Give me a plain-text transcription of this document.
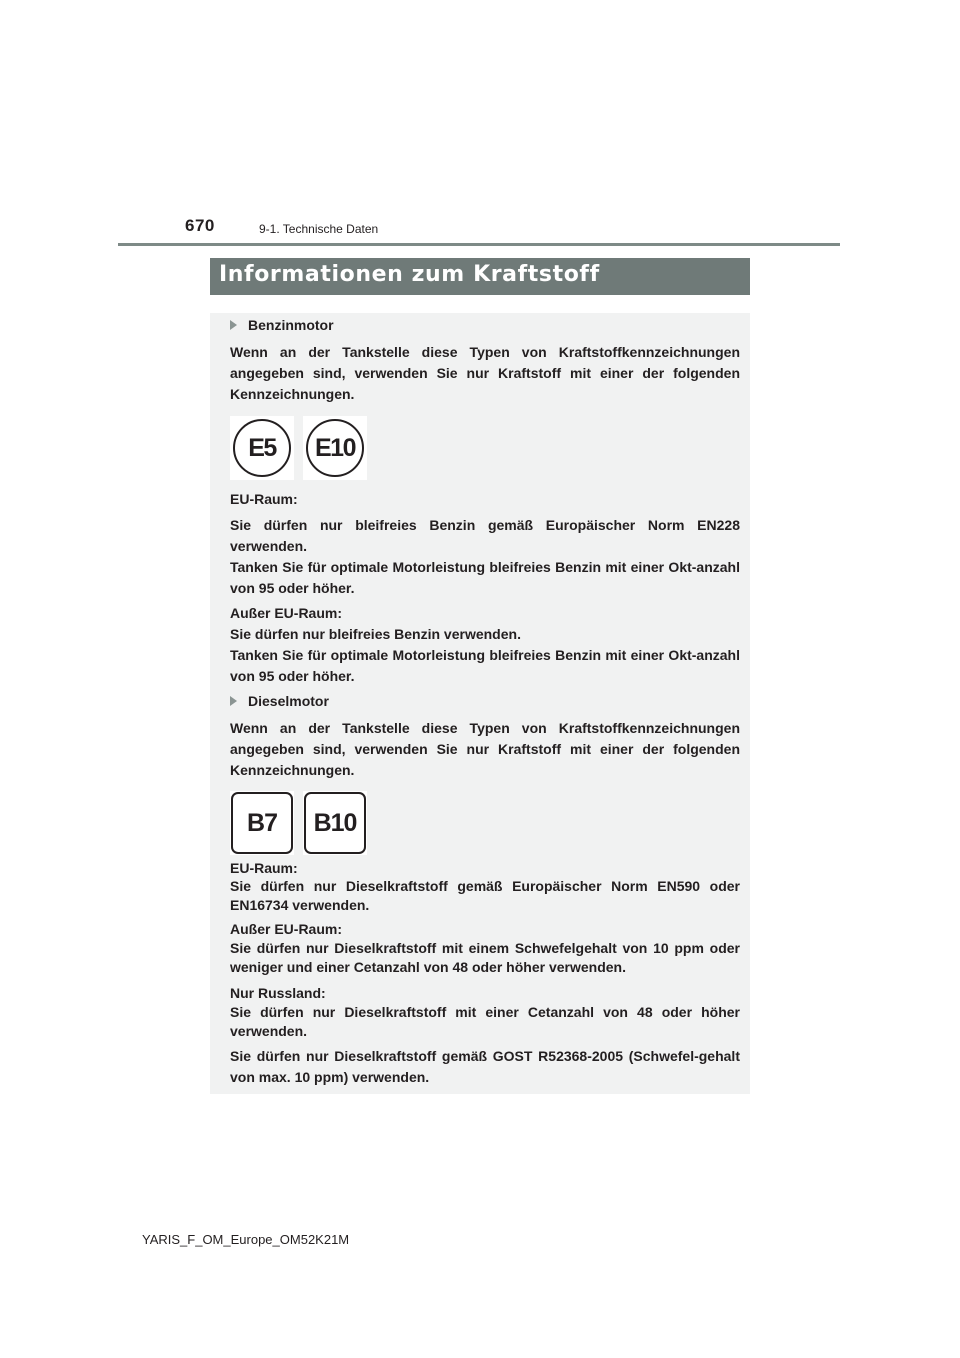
670	9-1. Technische Daten
Informationen zum Kraftstoff
Benzinmotor

Wenn an der Tankstelle diese Typen von Kraftstoffkennzeichnungen angegeben sind, verwenden Sie nur Kraftstoff mit einer der folgenden Kennzeichnungen.

E5	E10

EU-Raum:

Sie dürfen nur bleifreies Benzin gemäß Europäischer Norm EN228 verwenden.

Tanken Sie für optimale Motorleistung bleifreies Benzin mit einer Okt-anzahl von 95 oder höher.

Außer EU-Raum:

Sie dürfen nur bleifreies Benzin verwenden.

Tanken Sie für optimale Motorleistung bleifreies Benzin mit einer Okt-anzahl von 95 oder höher.

Dieselmotor

Wenn an der Tankstelle diese Typen von Kraftstoffkennzeichnungen angegeben sind, verwenden Sie nur Kraftstoff mit einer der folgenden Kennzeichnungen.

B7	B10

EU-Raum:

Sie dürfen nur Dieselkraftstoff gemäß Europäischer Norm EN590 oder EN16734 verwenden.

Außer EU-Raum:

Sie dürfen nur Dieselkraftstoff mit einem Schwefelgehalt von 10 ppm oder weniger und einer Cetanzahl von 48 oder höher verwenden.

Nur Russland:

Sie dürfen nur Dieselkraftstoff mit einer Cetanzahl von 48 oder höher verwenden.

Sie dürfen nur Dieselkraftstoff gemäß GOST R52368-2005 (Schwefel-gehalt von max. 10 ppm) verwenden.

YARIS_F_OM_Europe_OM52K21M
